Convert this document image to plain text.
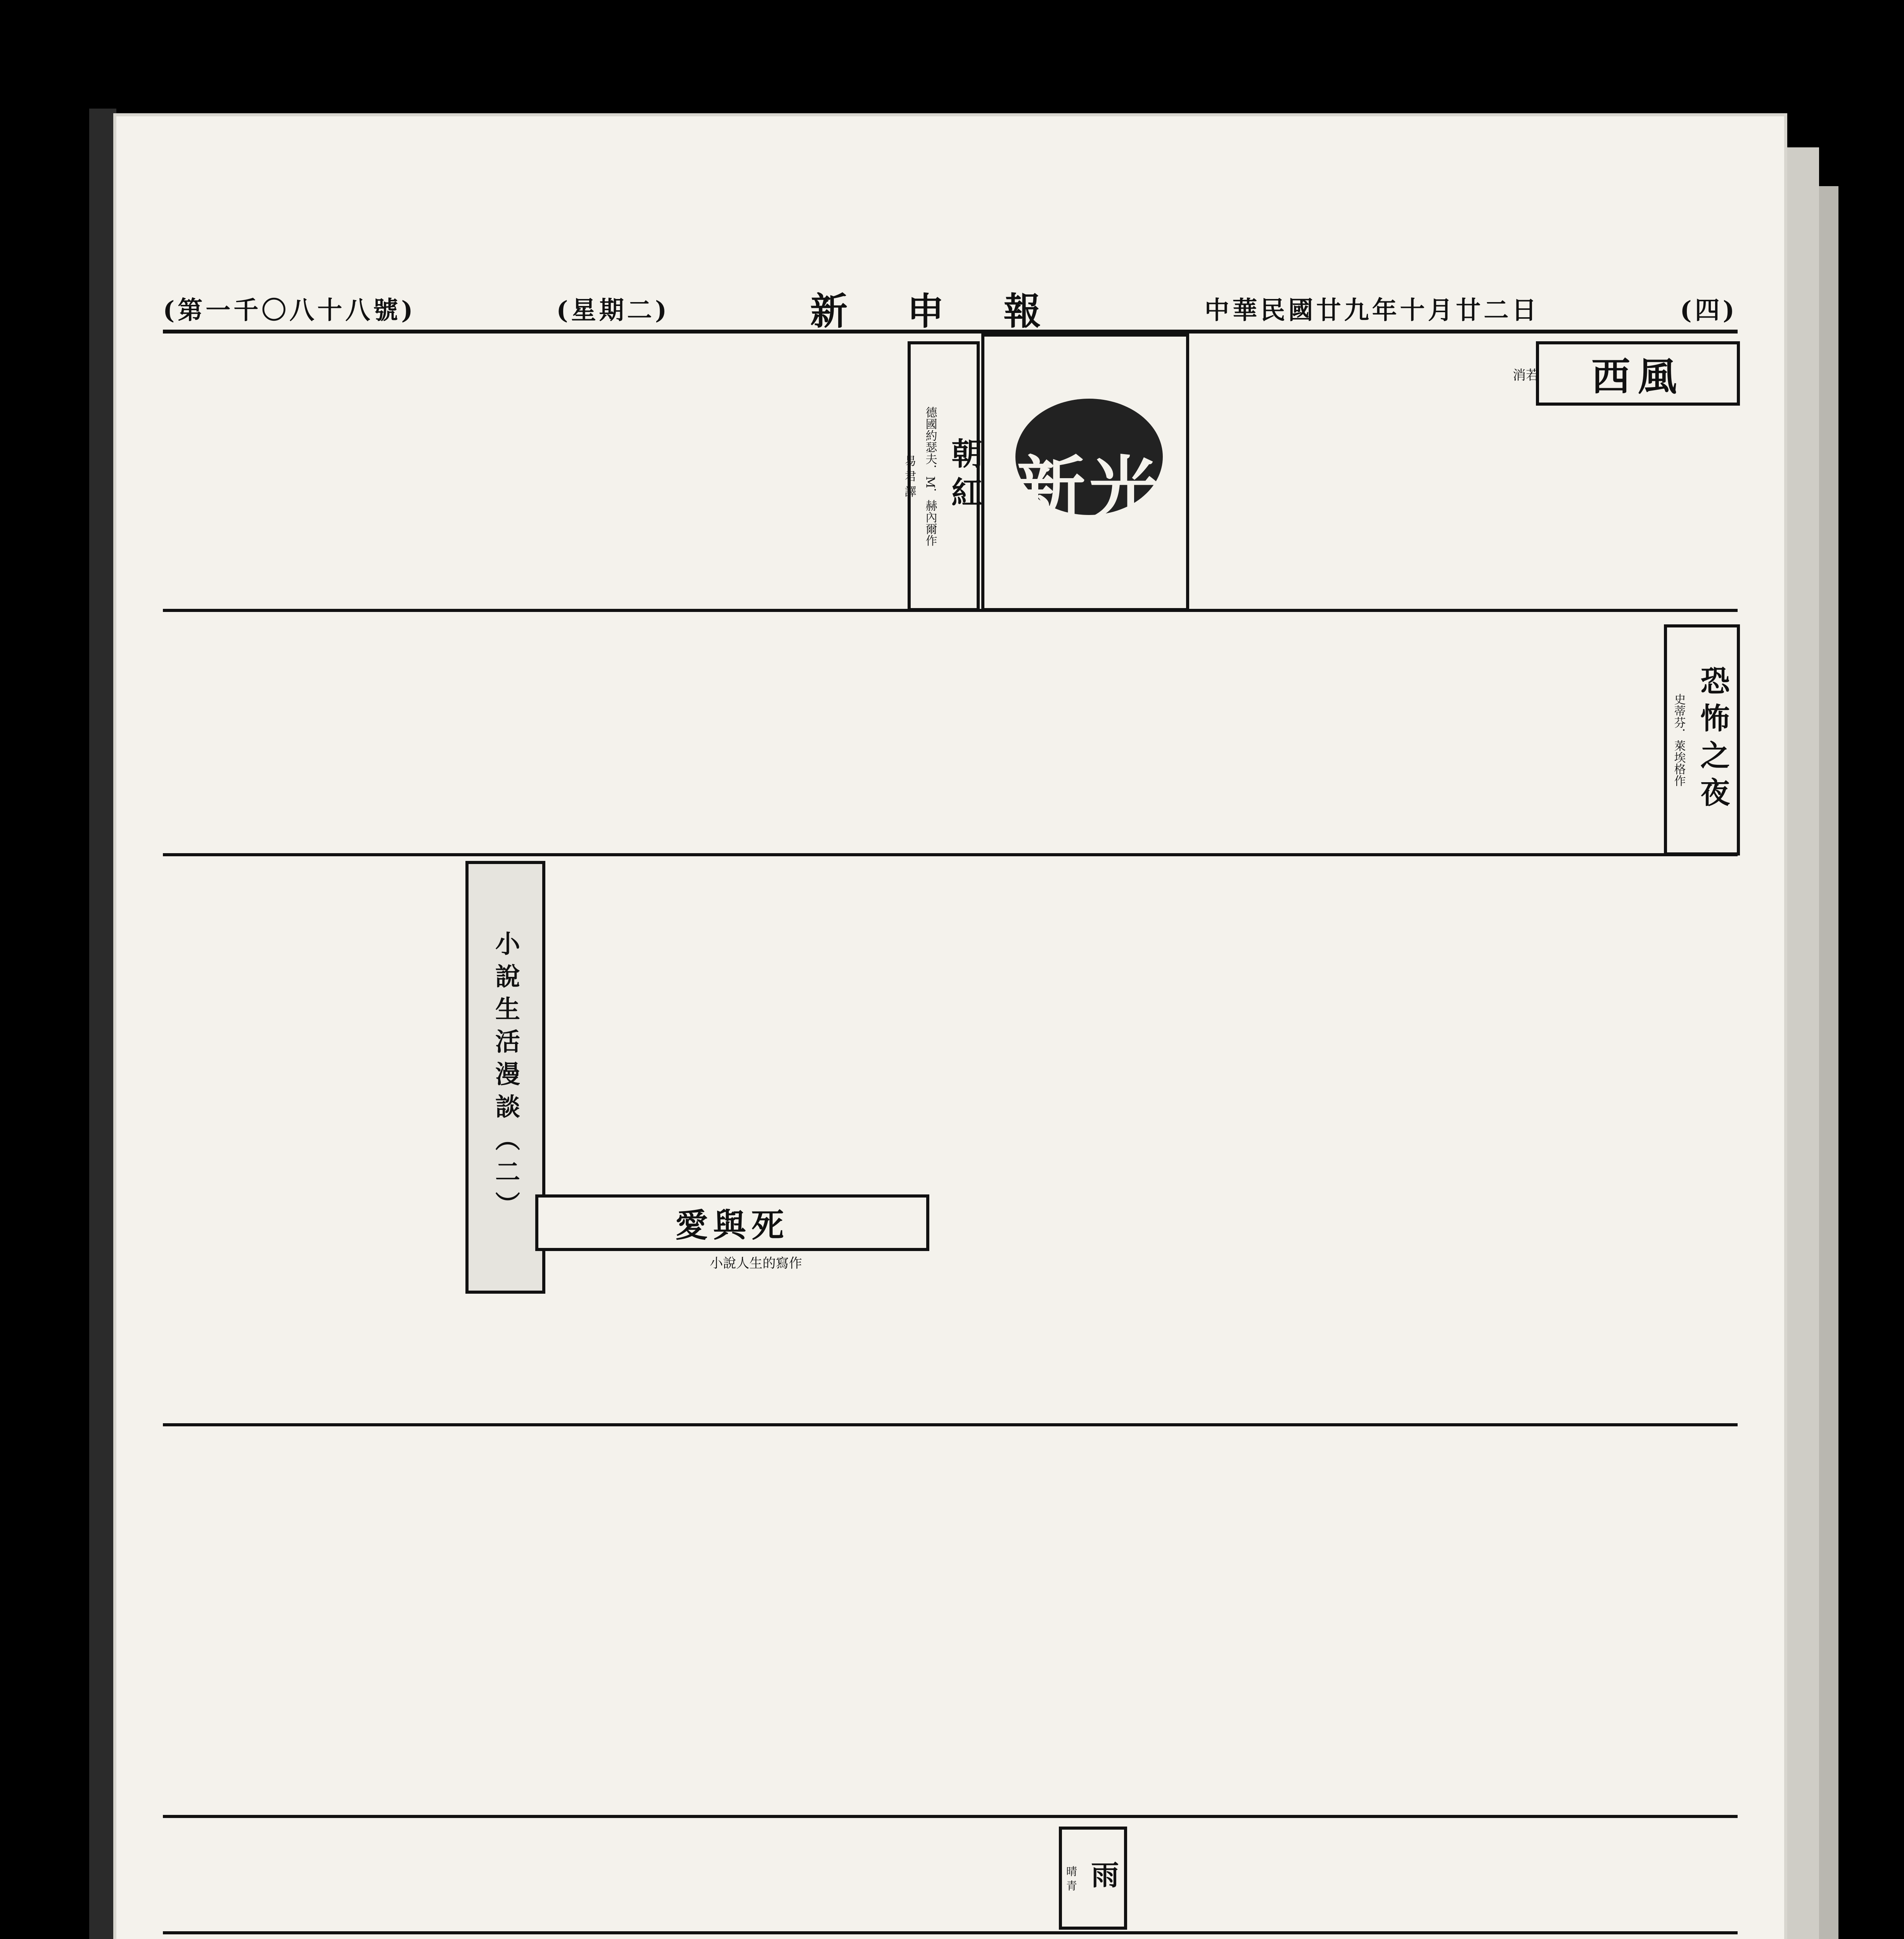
(第一千〇八十八號)	(星期二)	新 申 報	中華民國廿九年十月廿二日	(四)

新光
朝紅
德國約瑟夫．M．赫內爾作
易 君 譯
西風
消若
恐怖之夜
史蒂芬．萊埃格作
小說生活漫談（二）

愛與死
小說人生的寫作

雨
晴 青
